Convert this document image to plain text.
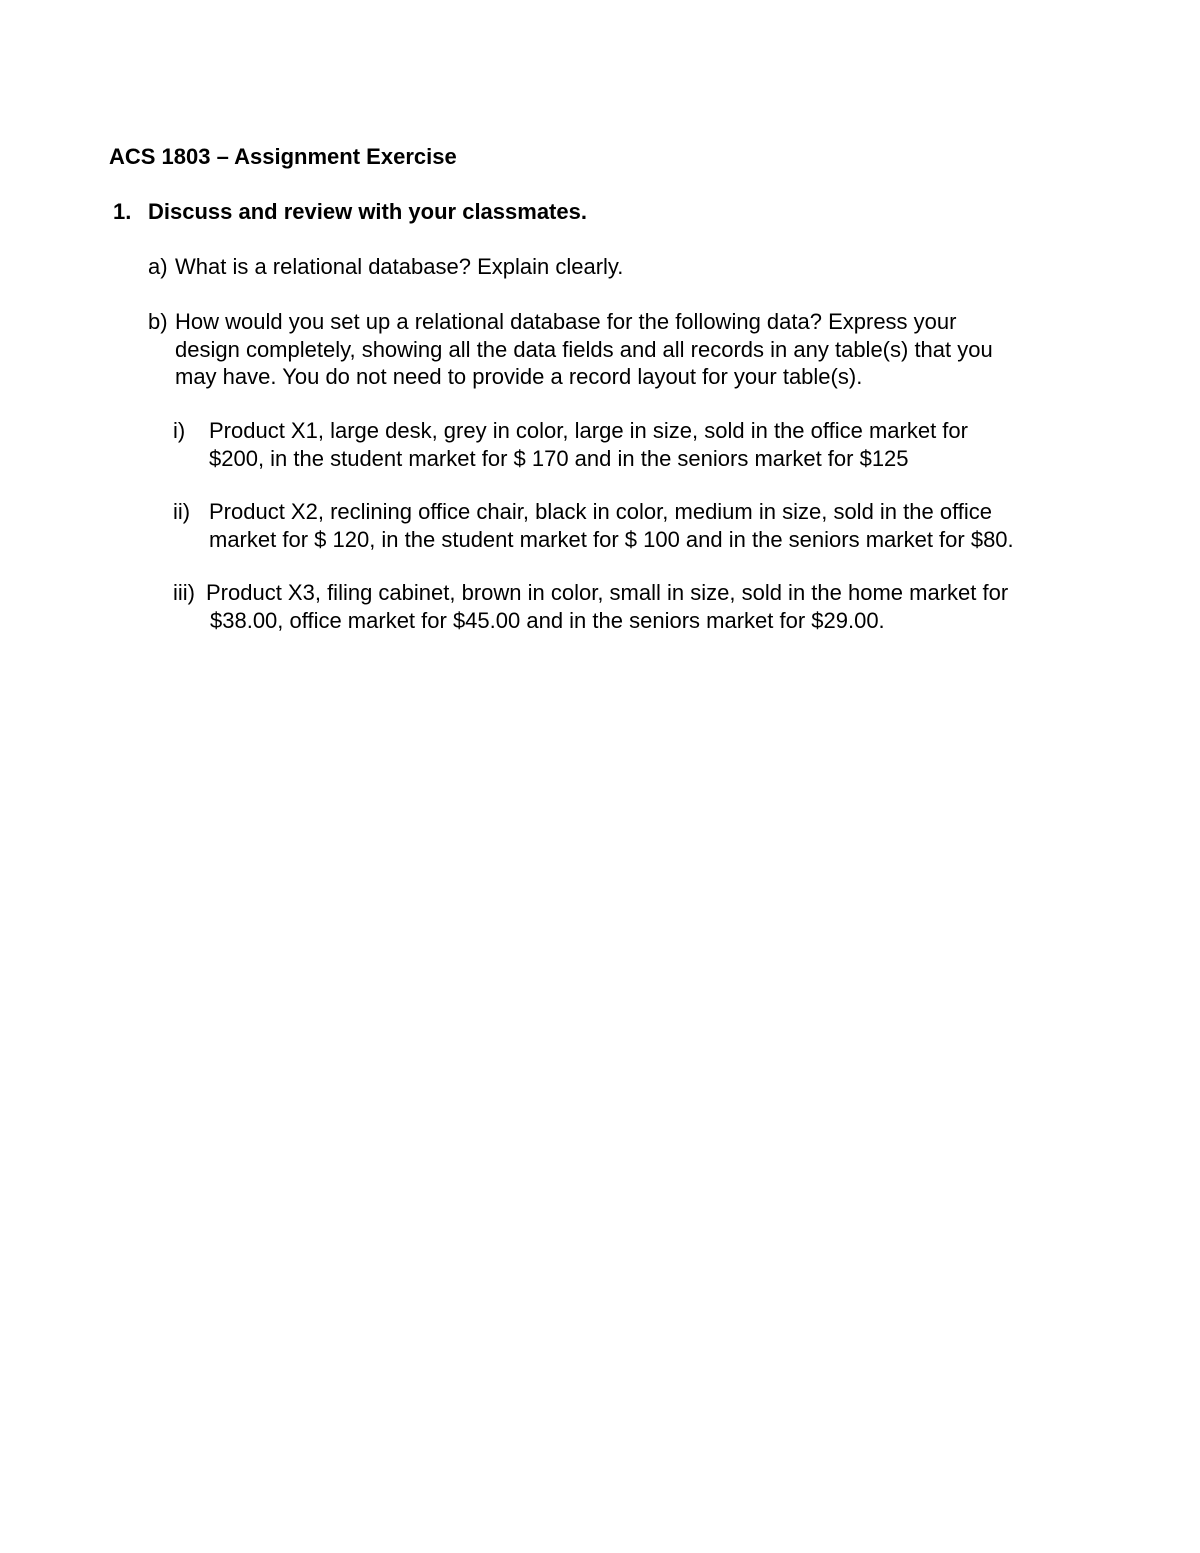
ACS 1803 – Assignment Exercise
1. Discuss and review with your classmates.
a) What is a relational database? Explain clearly.
b) How would you set up a relational database for the following data? Express your
design completely, showing all the data fields and all records in any table(s) that you
may have. You do not need to provide a record layout for your table(s).
i) Product X1, large desk, grey in color, large in size, sold in the office market for
$200, in the student market for $ 170 and in the seniors market for $125
ii) Product X2, reclining office chair, black in color, medium in size, sold in the office
market for $ 120, in the student market for $ 100 and in the seniors market for $80.
iii) Product X3, filing cabinet, brown in color, small in size, sold in the home market for
$38.00, office market for $45.00 and in the seniors market for $29.00.
